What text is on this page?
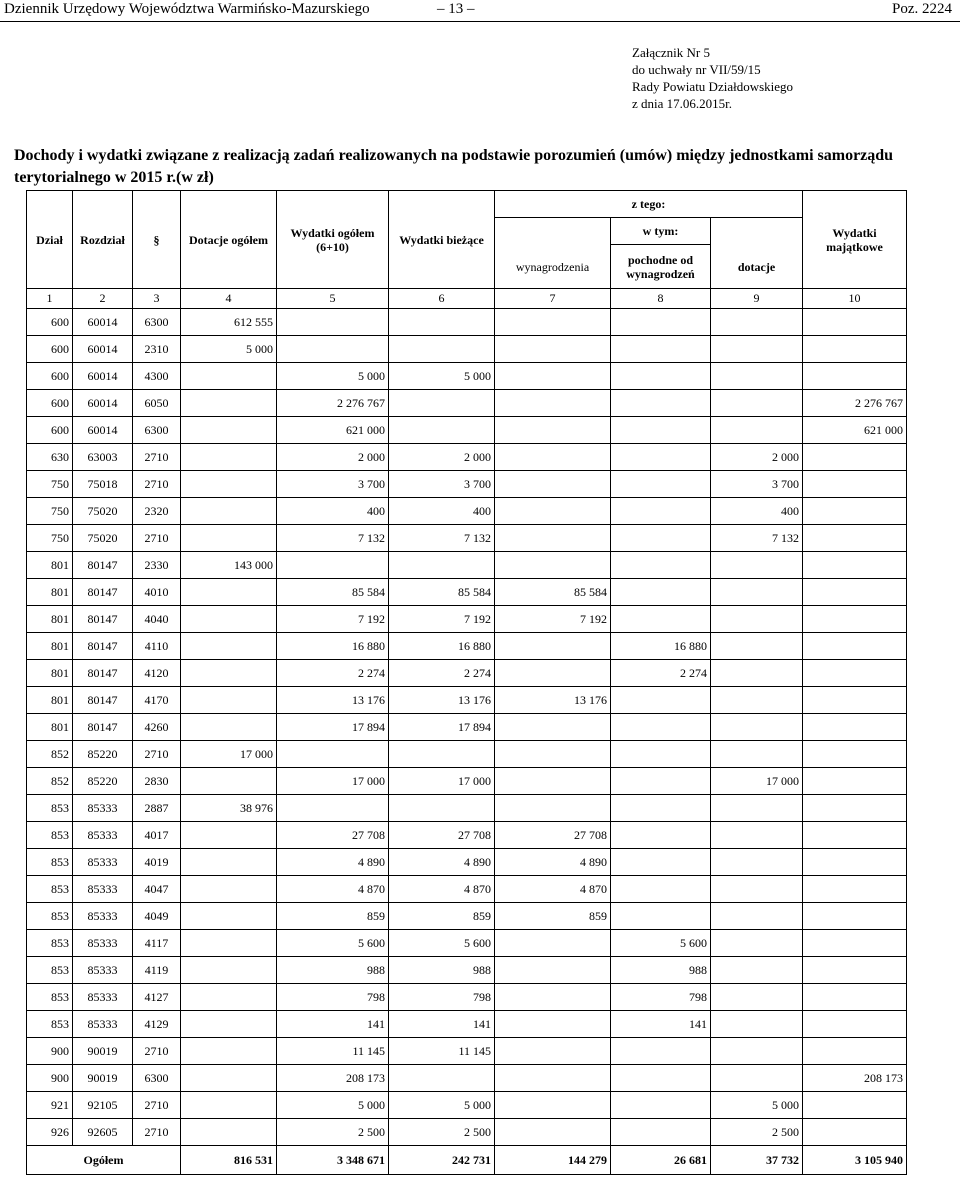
Dziennik Urzędowy Województwa Warmińsko-Mazurskiego	– 13 –	Poz. 2224
Załącznik Nr 5
do uchwały nr VII/59/15
Rady Powiatu Działdowskiego
z dnia 17.06.2015r.
Dochody i wydatki związane z realizacją zadań realizowanych na podstawie porozumień (umów) między jednostkami samorządu terytorialnego w 2015 r.(w zł)
Dział	Rozdział	§	Dotacje ogółem	Wydatki ogółem (6+10)	Wydatki bieżące	z tego:			Wydatki majątkowe
						wynagrodzenia	w tym:	dotacje	
							pochodne od wynagrodzeń		
1	2	3	4	5	6	7	8	9	10
600	60014	6300	612 555						
600	60014	2310	5 000						
600	60014	4300		5 000	5 000				
600	60014	6050		2 276 767					2 276 767
600	60014	6300		621 000					621 000
630	63003	2710		2 000	2 000			2 000	
750	75018	2710		3 700	3 700			3 700	
750	75020	2320		400	400			400	
750	75020	2710		7 132	7 132			7 132	
801	80147	2330	143 000						
801	80147	4010		85 584	85 584	85 584			
801	80147	4040		7 192	7 192	7 192			
801	80147	4110		16 880	16 880		16 880		
801	80147	4120		2 274	2 274		2 274		
801	80147	4170		13 176	13 176	13 176			
801	80147	4260		17 894	17 894				
852	85220	2710	17 000						
852	85220	2830		17 000	17 000			17 000	
853	85333	2887	38 976						
853	85333	4017		27 708	27 708	27 708			
853	85333	4019		4 890	4 890	4 890			
853	85333	4047		4 870	4 870	4 870			
853	85333	4049		859	859	859			
853	85333	4117		5 600	5 600		5 600		
853	85333	4119		988	988		988		
853	85333	4127		798	798		798		
853	85333	4129		141	141		141		
900	90019	2710		11 145	11 145				
900	90019	6300		208 173					208 173
921	92105	2710		5 000	5 000			5 000	
926	92605	2710		2 500	2 500			2 500	
Ogółem			816 531	3 348 671	242 731	144 279	26 681	37 732	3 105 940
